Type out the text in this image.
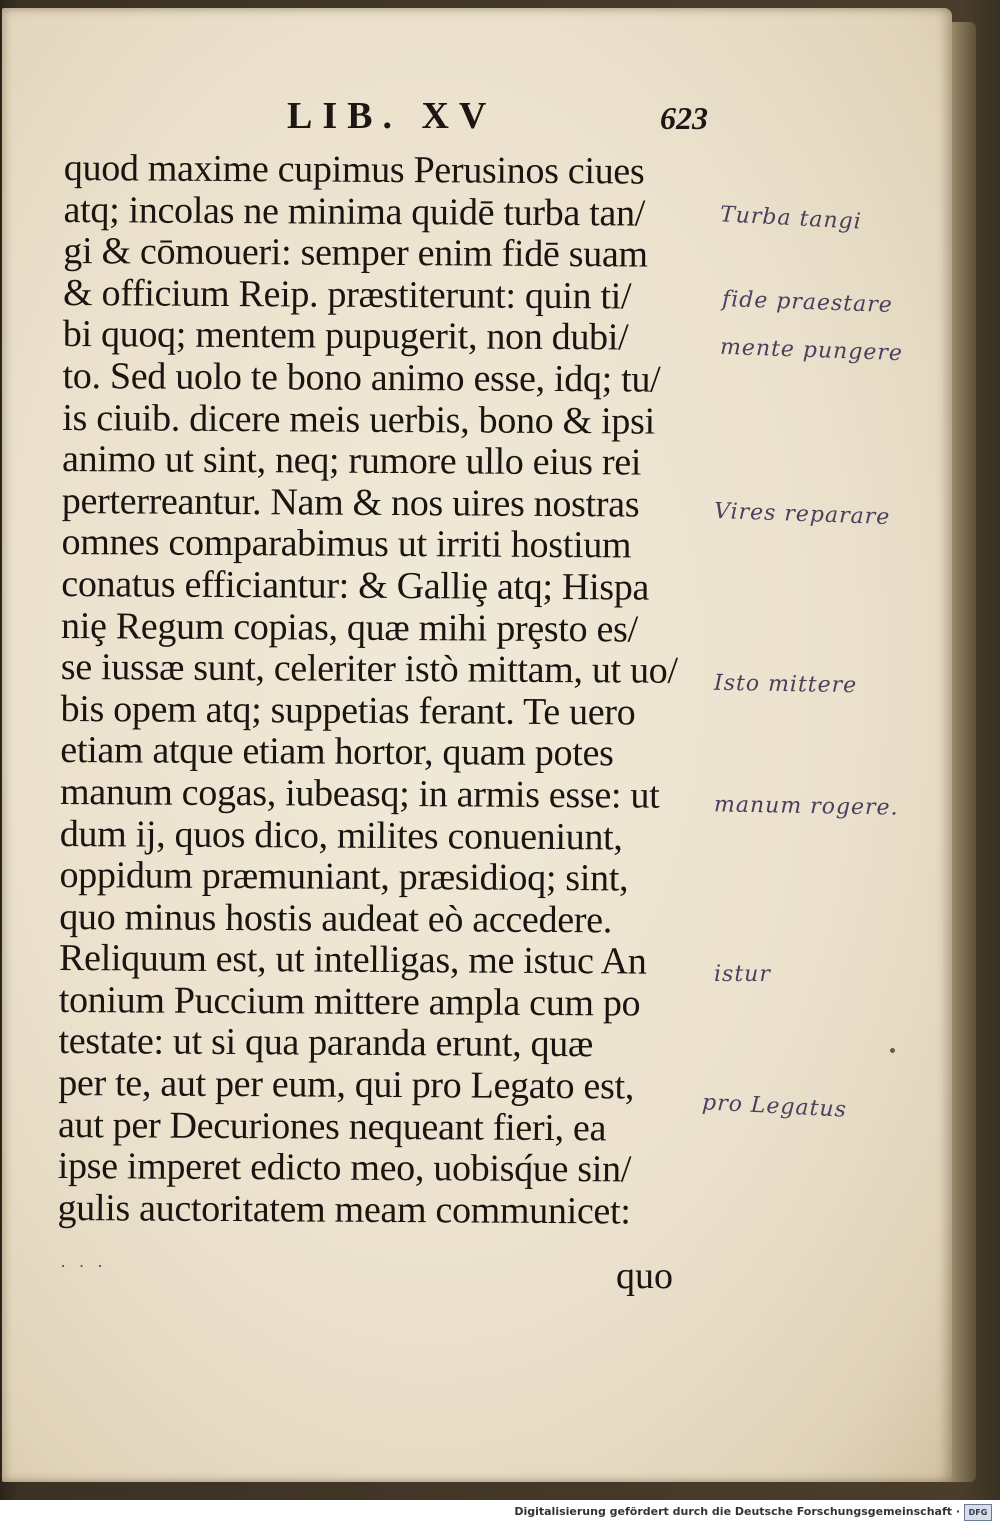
LIB. XV	623
quod maxime cupimus Perusinos ciues
atq; incolas ne minima quidē turba tan/
gi & cōmoueri: semper enim fidē suam
& officium Reip. præstiterunt: quin ti/
bi quoq; mentem pupugerit, non dubi/
to. Sed uolo te bono animo esse, idq; tu/
is ciuib. dicere meis uerbis, bono & ipsi
animo ut sint, neq; rumore ullo eius rei
perterreantur. Nam & nos uires nostras
omnes comparabimus ut irriti hostium
conatus efficiantur: & Galliȩ atq; Hispa
niȩ Regum copias, quæ mihi prȩsto es/
se iussæ sunt, celeriter istò mittam, ut uo/
bis opem atq; suppetias ferant. Te uero
etiam atque etiam hortor, quam potes
manum cogas, iubeasq; in armis esse: ut
dum ij, quos dico, milites conueniunt,
oppidum præmuniant, præsidioq; sint,
quo minus hostis audeat eò accedere.
Reliquum est, ut intelligas, me istuc An
tonium Puccium mittere ampla cum po
testate: ut si qua paranda erunt, quæ
per te, aut per eum, qui pro Legato est,
aut per Decuriones nequeant fieri, ea
ipse imperet edicto meo, uobisq́ue sin/
gulis auctoritatem meam communicet:
· · ·	quo
Turba tangi
fide praestare
mente pungere
Vires reparare
Isto mittere
manum rogere.
istur
pro Legatus
Digitalisierung gefördert durch die Deutsche Forschungsgemeinschaft ·	DFG
